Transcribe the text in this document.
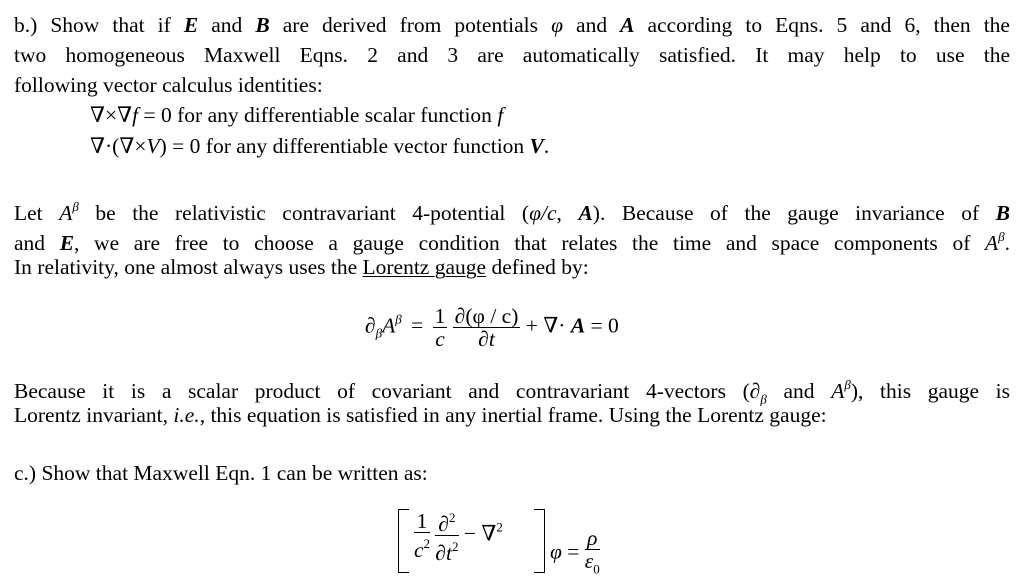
b.) Show that if E and B are derived from potentials φ and A according to Eqns. 5 and 6, then the
two homogeneous Maxwell Eqns. 2 and 3 are automatically satisfied. It may help to use the
following vector calculus identities:
∇×∇f = 0 for any differentiable scalar function f
∇·(∇×V) = 0 for any differentiable vector function V.
Let $A^\beta$ be the relativistic contravariant 4-potential (φ/c, A). Because of the gauge invariance of B
and E, we are free to choose a gauge condition that relates the time and space components of $A^\beta$.
In relativity, one almost always uses the Lorentz gauge defined by:
$\partial_\beta A^\beta = \frac{1}{c}$
$\frac{\partial(\varphi / c)}{\partial t}$ + ∇· A = 0
Because it is a scalar product of covariant and contravariant 4-vectors ($\partial_\beta$ and $A^\beta$), this gauge is
Lorentz invariant, i.e., this equation is satisfied in any inertial frame. Using the Lorentz gauge:
c.) Show that Maxwell Eqn. 1 can be written as:
$\frac{1}{c^2}$
$\frac{\partial^2}{\partial t^2} - \nabla^2$
$\varphi = \frac{\rho}{\varepsilon_0}$
